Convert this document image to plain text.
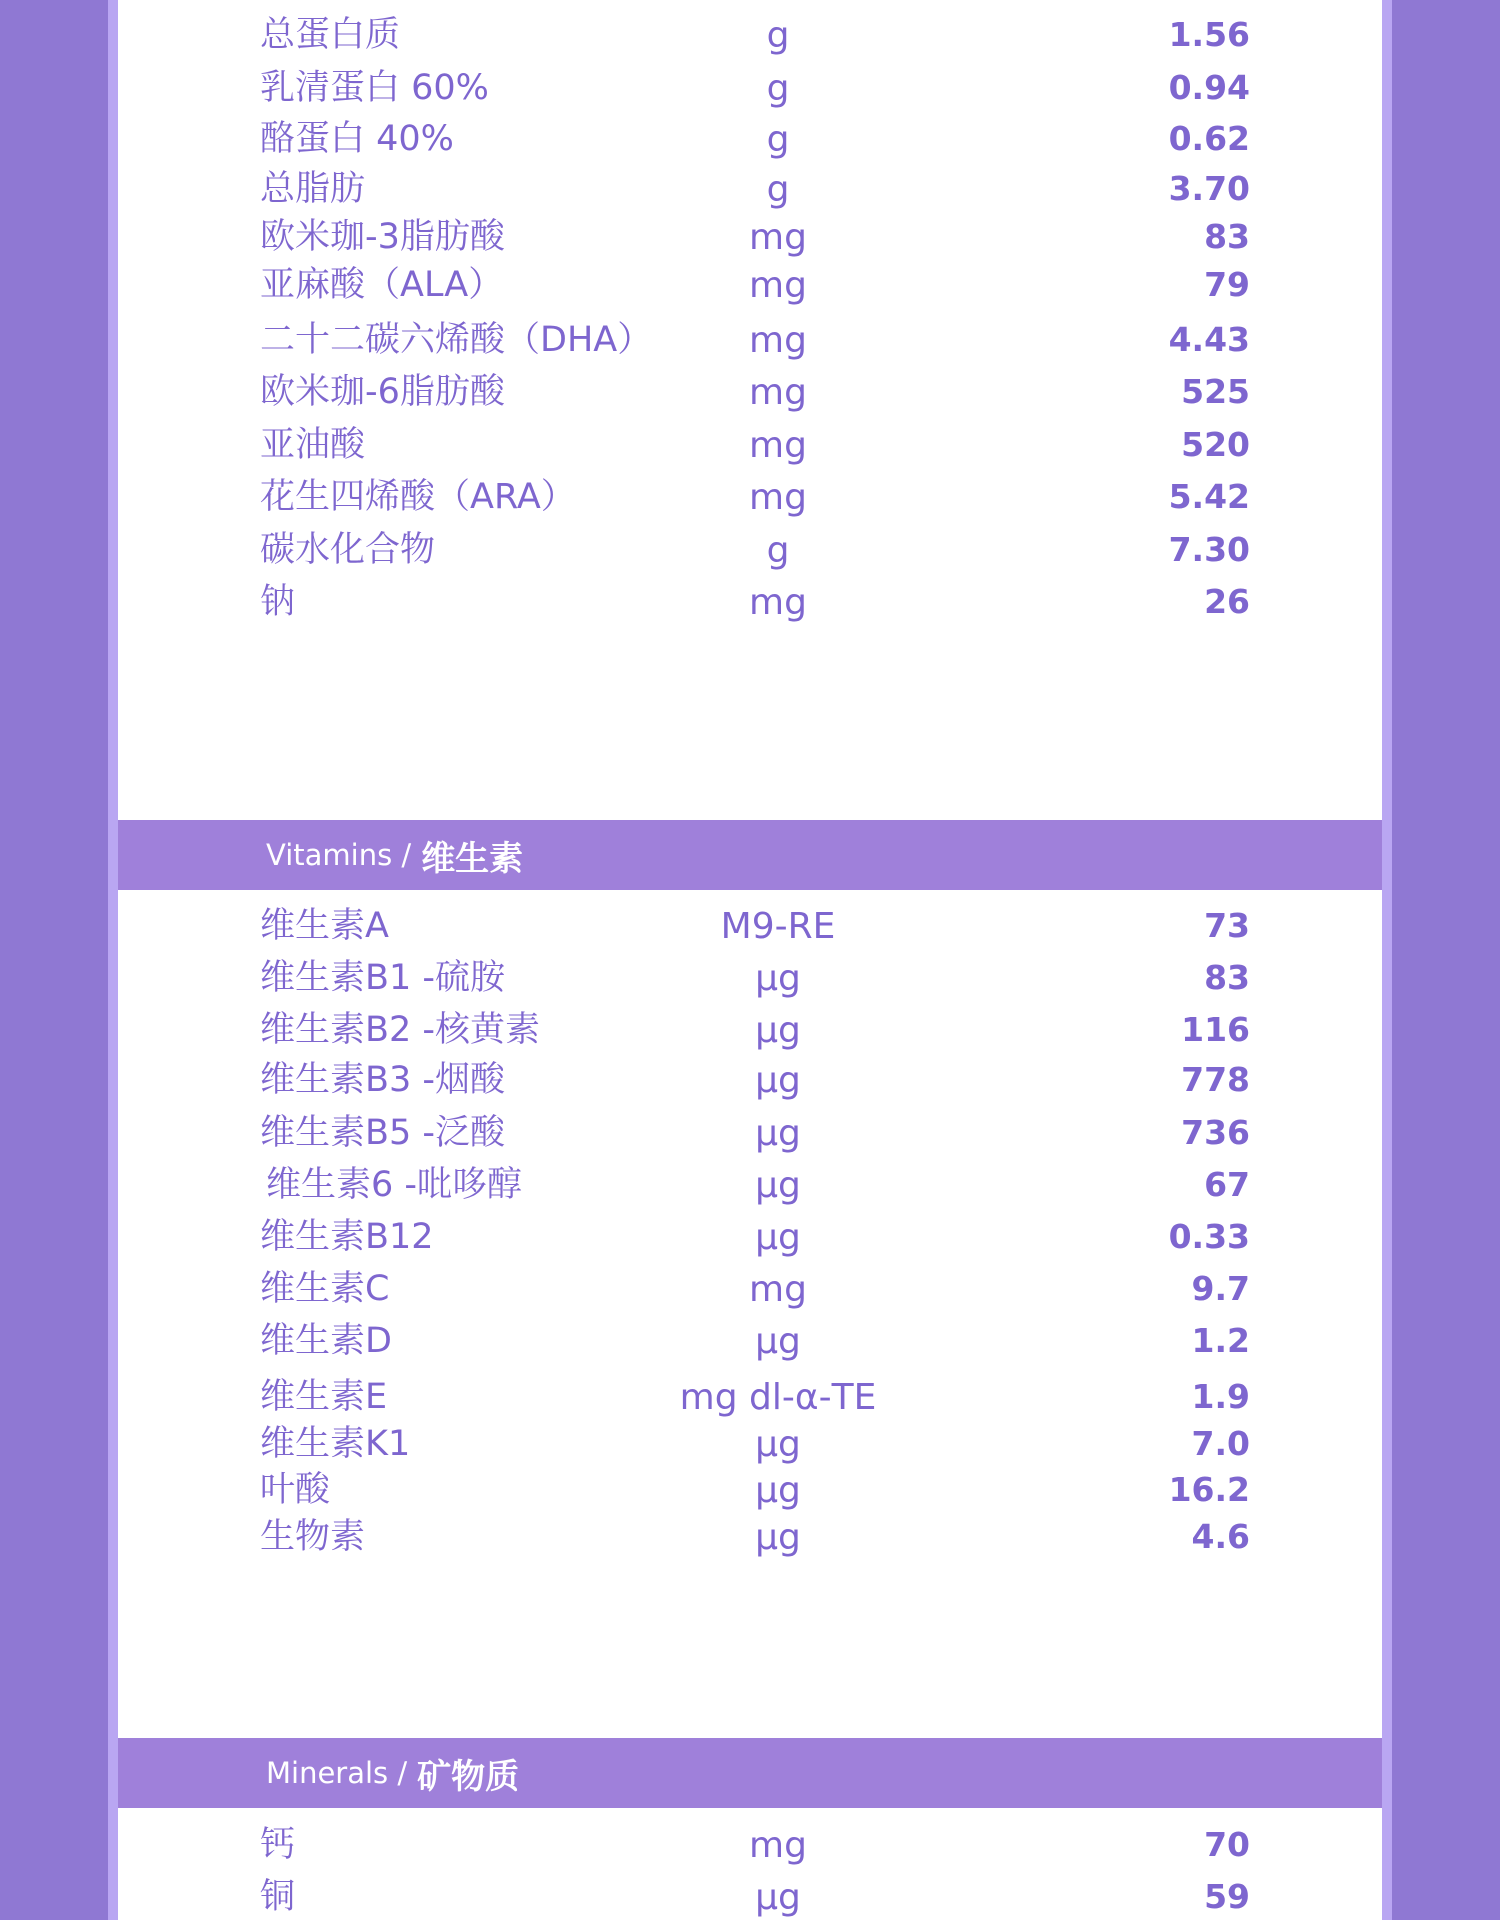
总蛋白质	g	1.56
乳清蛋白 60%	g	0.94
酪蛋白 40%	g	0.62
总脂肪	g	3.70
欧米珈-3脂肪酸	mg	83
亚麻酸（ALA）	mg	79
二十二碳六烯酸（DHA）	mg	4.43
欧米珈-6脂肪酸	mg	525
亚油酸	mg	520
花生四烯酸（ARA）	mg	5.42
碳水化合物	g	7.30
钠	mg	26
Vitamins / 维生素
维生素A	M9-RE	73
维生素B1 -硫胺	μg	83
维生素B2 -核黄素	μg	116
维生素B3 -烟酸	μg	778
维生素B5 -泛酸	μg	736
维生素6 -吡哆醇	μg	67
维生素B12	μg	0.33
维生素C	mg	9.7
维生素D	μg	1.2
维生素E	mg dl-α-TE	1.9
维生素K1	μg	7.0
叶酸	μg	16.2
生物素	μg	4.6
Minerals / 矿物质
钙	mg	70
铜	μg	59
